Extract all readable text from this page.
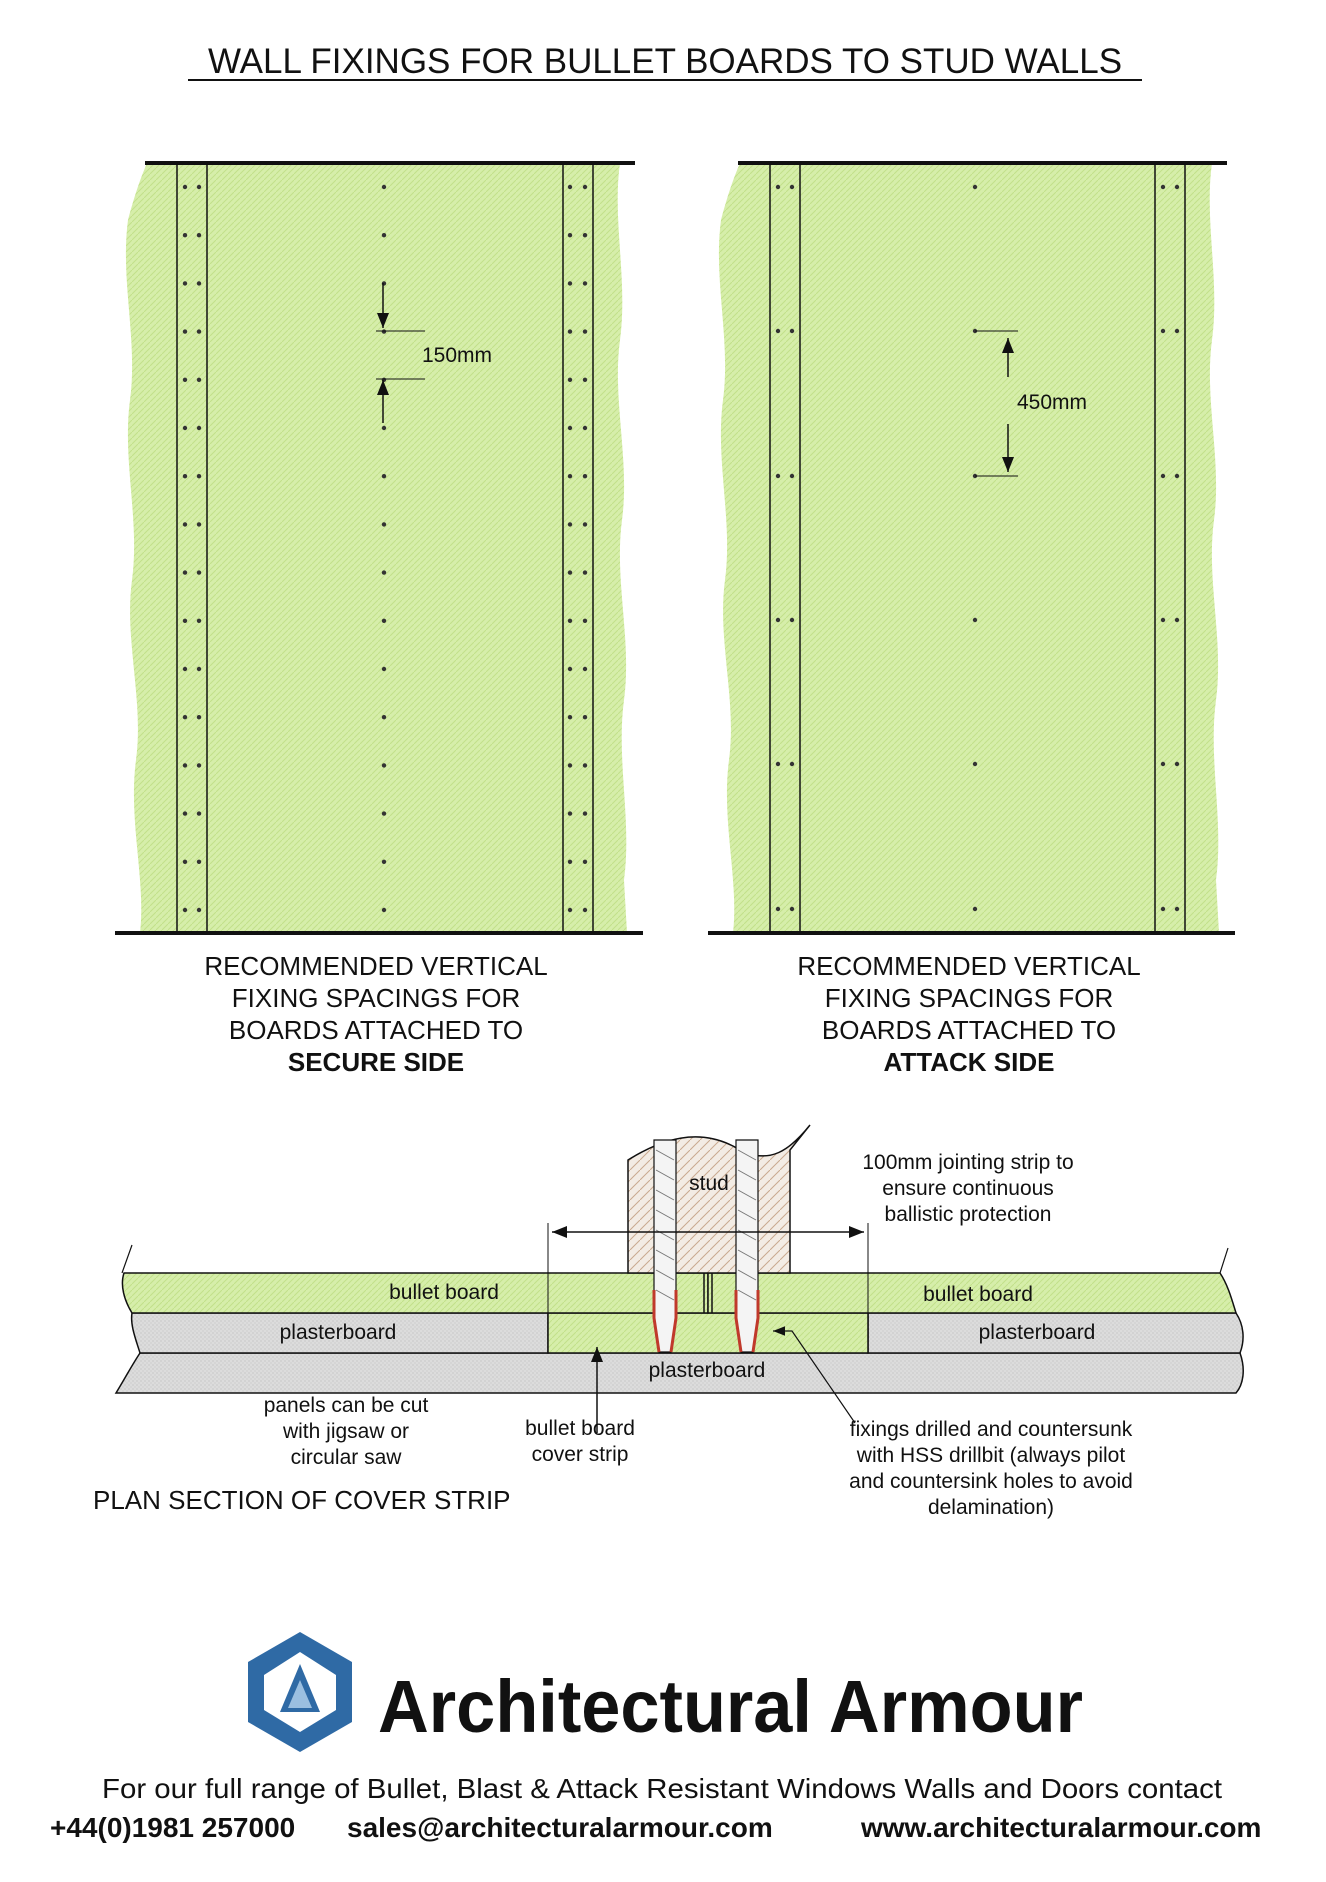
WALL FIXINGS FOR BULLET BOARDS TO STUD WALLS
150mm
RECOMMENDED VERTICAL
FIXING SPACINGS FOR
BOARDS ATTACHED TO
SECURE SIDE
450mm
RECOMMENDED VERTICAL
FIXING SPACINGS FOR
BOARDS ATTACHED TO
ATTACK SIDE
stud
100mm jointing strip to
ensure continuous
ballistic protection
bullet board	bullet board
plasterboard	plasterboard
plasterboard
panels can be cut
with jigsaw or
circular saw
bullet board
cover strip
fixings drilled and countersunk
with HSS drillbit (always pilot
and countersink holes to avoid
delamination)
PLAN SECTION OF COVER STRIP
Architectural Armour
For our full range of Bullet, Blast & Attack Resistant Windows Walls and Doors contact
+44(0)1981 257000 sales@architecturalarmour.com	www.architecturalarmour.com
